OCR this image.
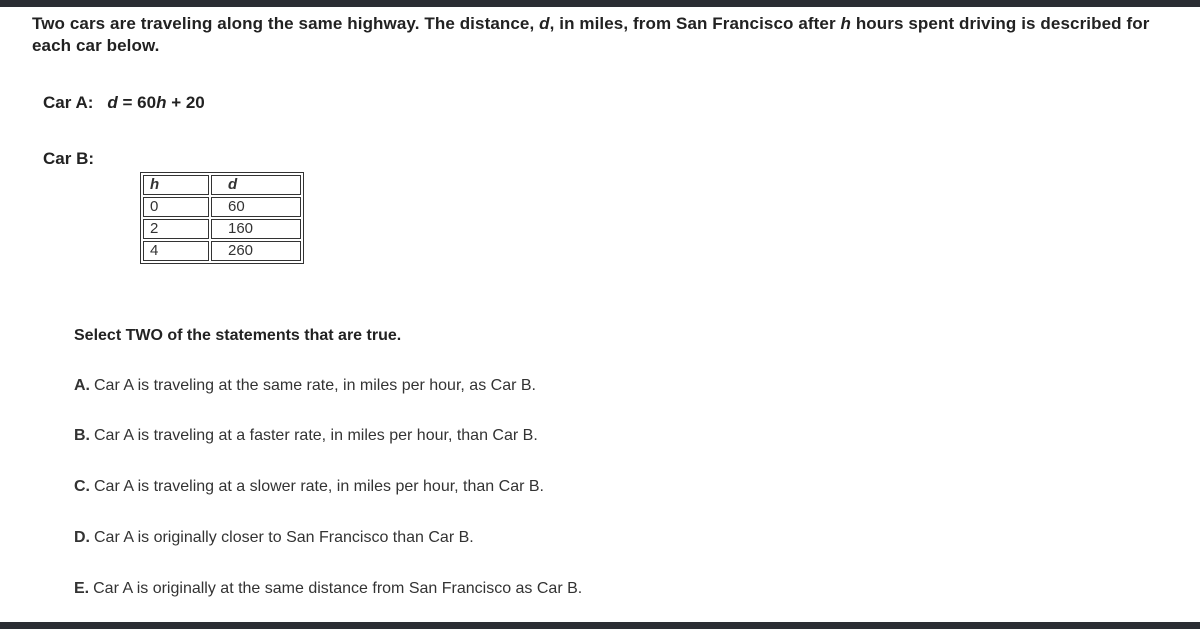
Two cars are traveling along the same highway. The distance, d, in miles, from San Francisco after h hours spent driving is described for each car below.
Car A: d = 60h + 20
Car B:
h	d
0	60
2	160
4	260
Select TWO of the statements that are true.
A. Car A is traveling at the same rate, in miles per hour, as Car B.
B. Car A is traveling at a faster rate, in miles per hour, than Car B.
C. Car A is traveling at a slower rate, in miles per hour, than Car B.
D. Car A is originally closer to San Francisco than Car B.
E. Car A is originally at the same distance from San Francisco as Car B.
